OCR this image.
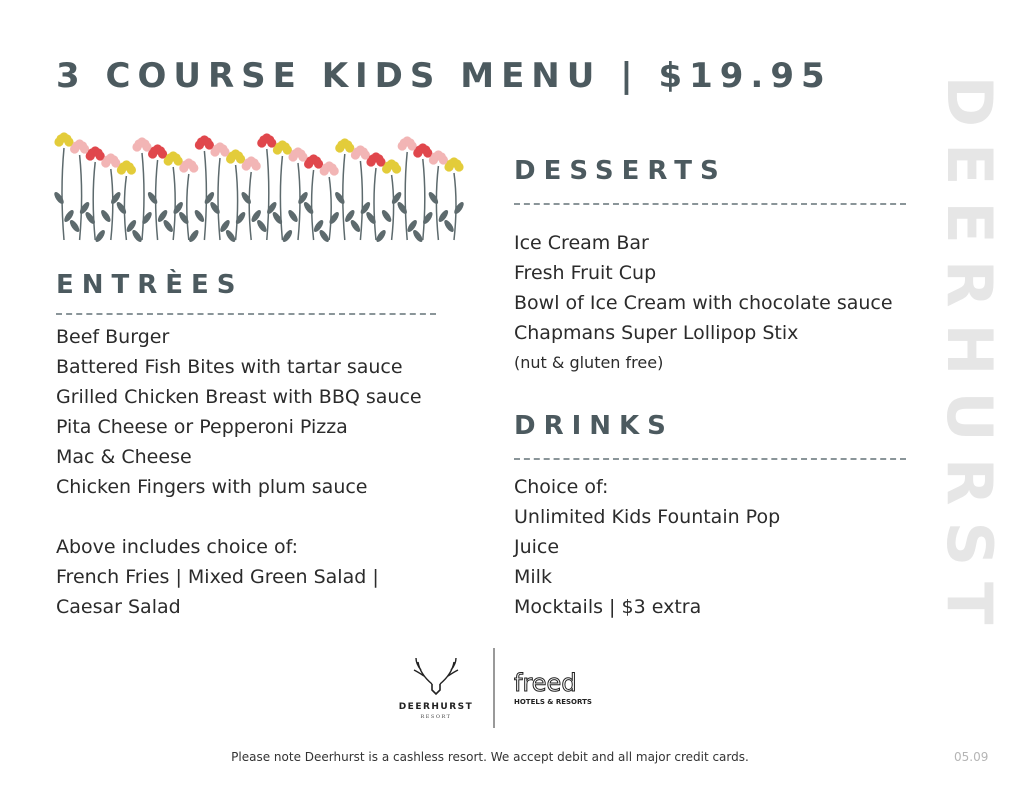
3 COURSE KIDS MENU | $19.95
ENTRÈES
Beef Burger
Battered Fish Bites with tartar sauce
Grilled Chicken Breast with BBQ sauce
Pita Cheese or Pepperoni Pizza
Mac & Cheese
Chicken Fingers with plum sauce
Above includes choice of:
French Fries | Mixed Green Salad |
Caesar Salad
DESSERTS
Ice Cream Bar
Fresh Fruit Cup
Bowl of Ice Cream with chocolate sauce
Chapmans Super Lollipop Stix
(nut & gluten free)
DRINKS
Choice of:
Unlimited Kids Fountain Pop
Juice
Milk
Mocktails | $3 extra	DEERHURST
DEERHURST
RESORT
freed
HOTELS & RESORTS
Please note Deerhurst is a cashless resort. We accept debit and all major credit cards.	05.09
